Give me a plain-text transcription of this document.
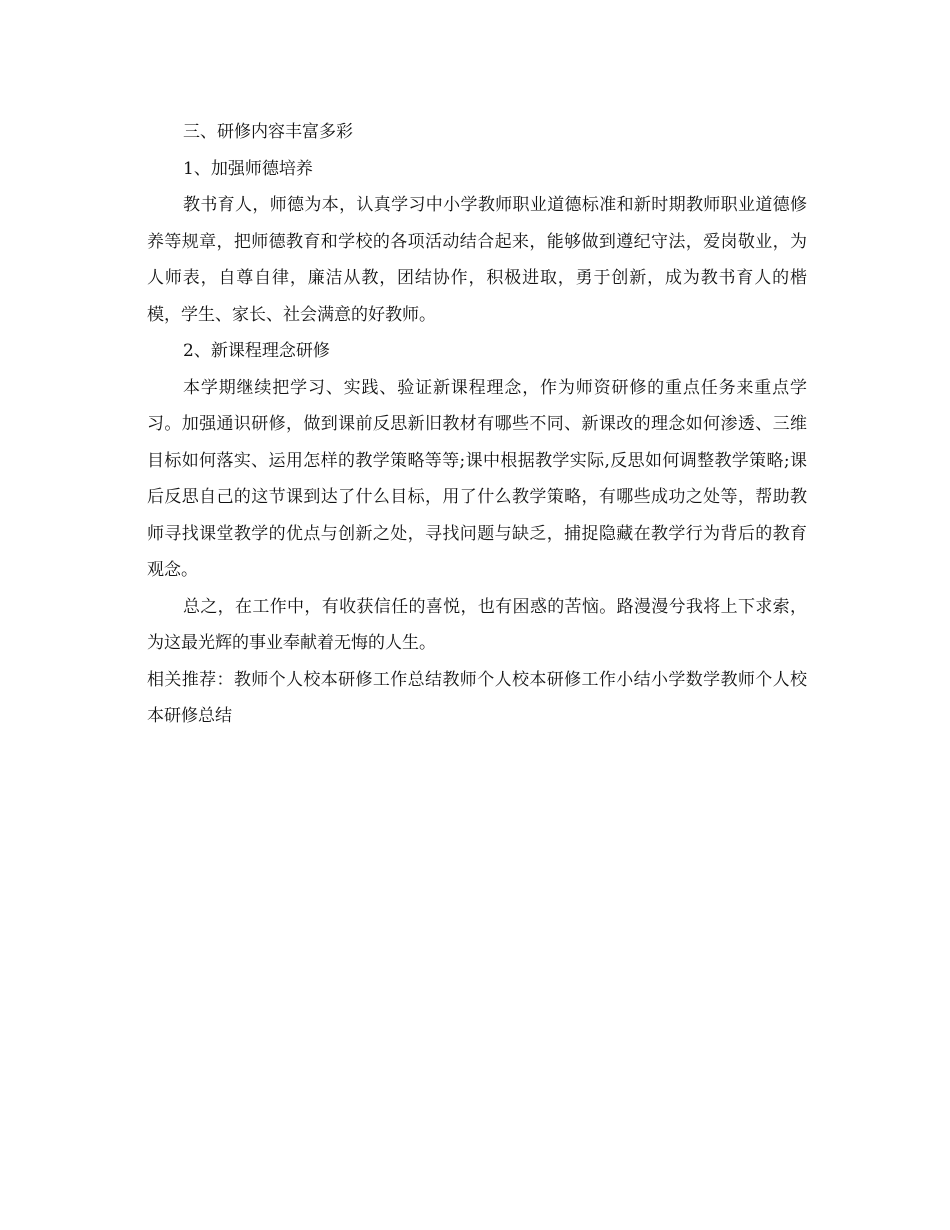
三、研修内容丰富多彩

1、加强师德培养

教书育人，师德为本，认真学习中小学教师职业道德标准和新时期教师职业道德修养等规章，把师德教育和学校的各项活动结合起来，能够做到遵纪守法，爱岗敬业，为人师表，自尊自律，廉洁从教，团结协作，积极进取，勇于创新，成为教书育人的楷模，学生、家长、社会满意的好教师。

2、新课程理念研修

本学期继续把学习、实践、验证新课程理念，作为师资研修的重点任务来重点学习。加强通识研修，做到课前反思新旧教材有哪些不同、新课改的理念如何渗透、三维目标如何落实、运用怎样的教学策略等等;课中根据教学实际,反思如何调整教学策略;课后反思自己的这节课到达了什么目标，用了什么教学策略，有哪些成功之处等，帮助教师寻找课堂教学的优点与创新之处，寻找问题与缺乏，捕捉隐藏在教学行为背后的教育观念。

总之，在工作中，有收获信任的喜悦，也有困惑的苦恼。路漫漫兮我将上下求索，为这最光辉的事业奉献着无悔的人生。

相关推荐：教师个人校本研修工作总结教师个人校本研修工作小结小学数学教师个人校本研修总结
